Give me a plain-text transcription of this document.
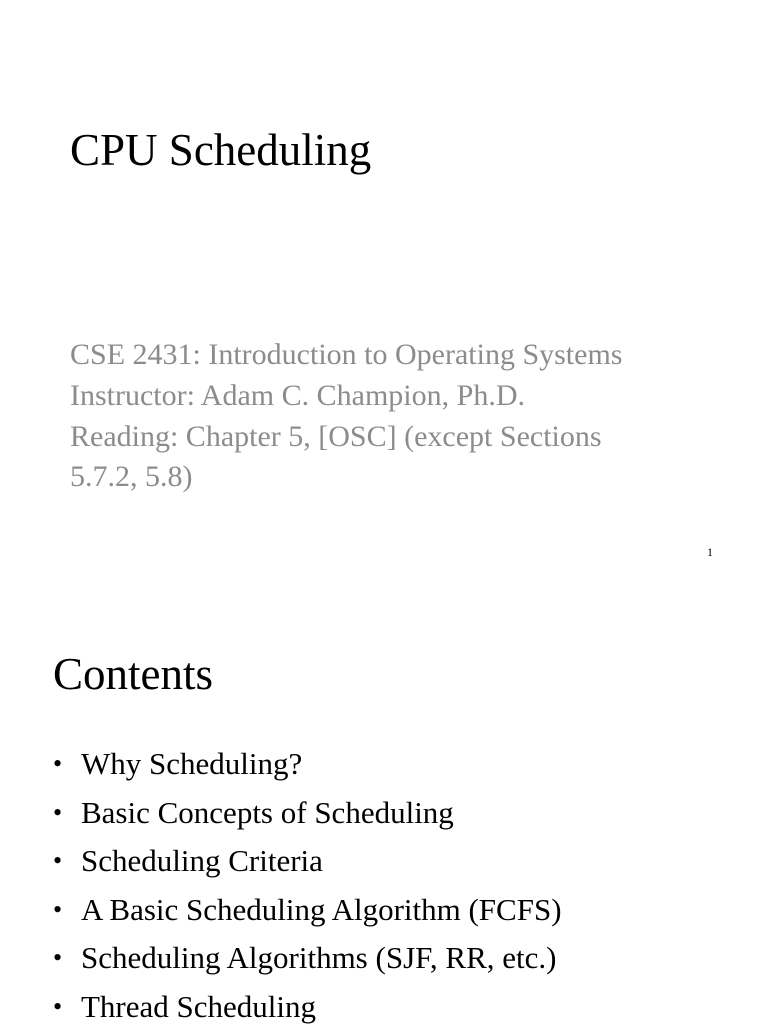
CPU Scheduling
CSE 2431: Introduction to Operating Systems
Instructor: Adam C. Champion, Ph.D.
Reading: Chapter 5, [OSC] (except Sections
5.7.2, 5.8)
1
Contents
• Why Scheduling?
• Basic Concepts of Scheduling
• Scheduling Criteria
• A Basic Scheduling Algorithm (FCFS)
• Scheduling Algorithms (SJF, RR, etc.)
• Thread Scheduling
